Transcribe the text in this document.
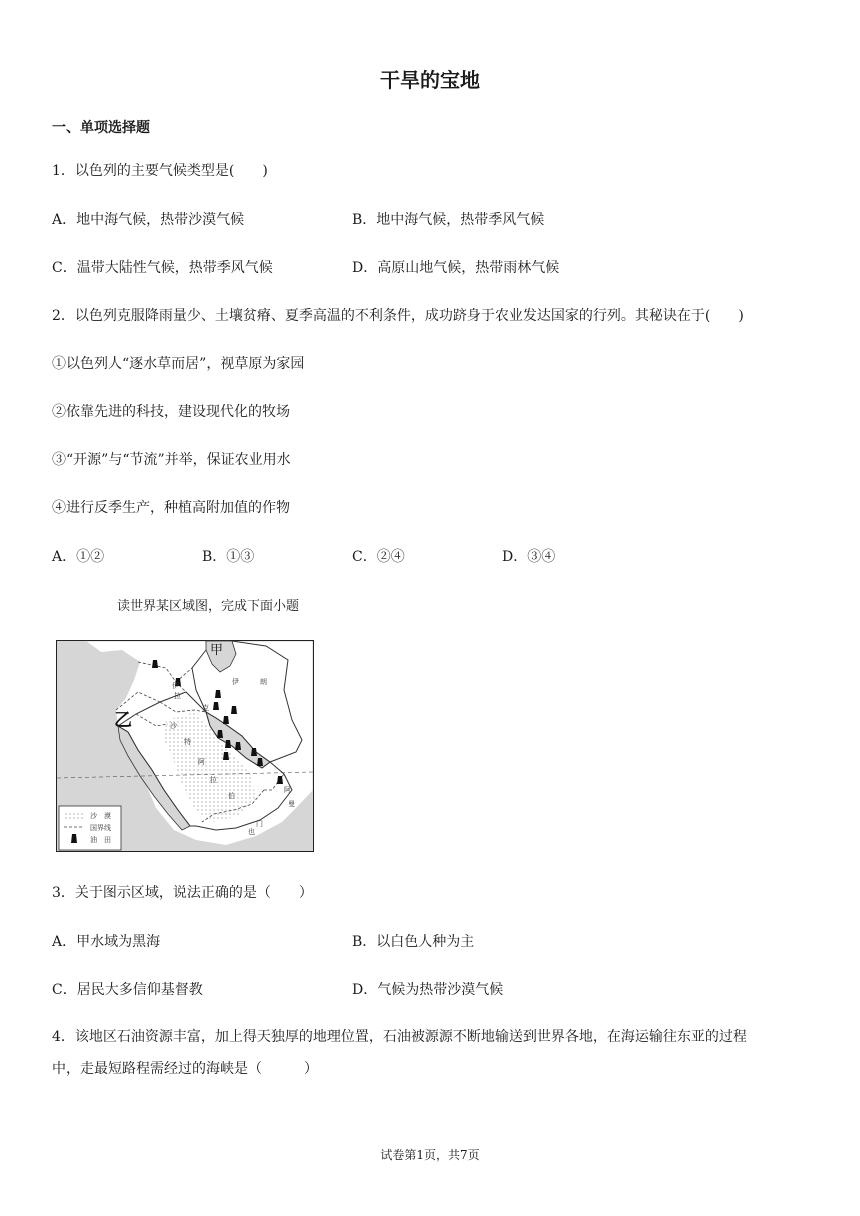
干旱的宝地
一、单项选择题
1．以色列的主要气候类型是(　　)
A．地中海气候，热带沙漠气候	B．地中海气候，热带季风气候
C．温带大陆性气候，热带季风气候	D．高原山地气候，热带雨林气候
2．以色列克服降雨量少、土壤贫瘠、夏季高温的不利条件，成功跻身于农业发达国家的行列。其秘诀在于(　　)
①以色列人“逐水草而居”，视草原为家园
②依靠先进的科技，建设现代化的牧场
③“开源”与“节流”并举，保证农业用水
④进行反季生产，种植高附加值的作物
A．①②	B．①③	C．②④	D．③④
读世界某区域图，完成下面小题
甲
乙
伊	朗
伊
拉
克
沙
特
阿
拉
伯
阿
曼
也
门
沙　漠
国界线
油　田
3．关于图示区域，说法正确的是（　　）
A．甲水域为黑海	B．以白色人种为主
C．居民大多信仰基督教	D．气候为热带沙漠气候
4．该地区石油资源丰富，加上得天独厚的地理位置，石油被源源不断地输送到世界各地，在海运输往东亚的过程
中，走最短路程需经过的海峡是（　　　）
试卷第1页，共7页
